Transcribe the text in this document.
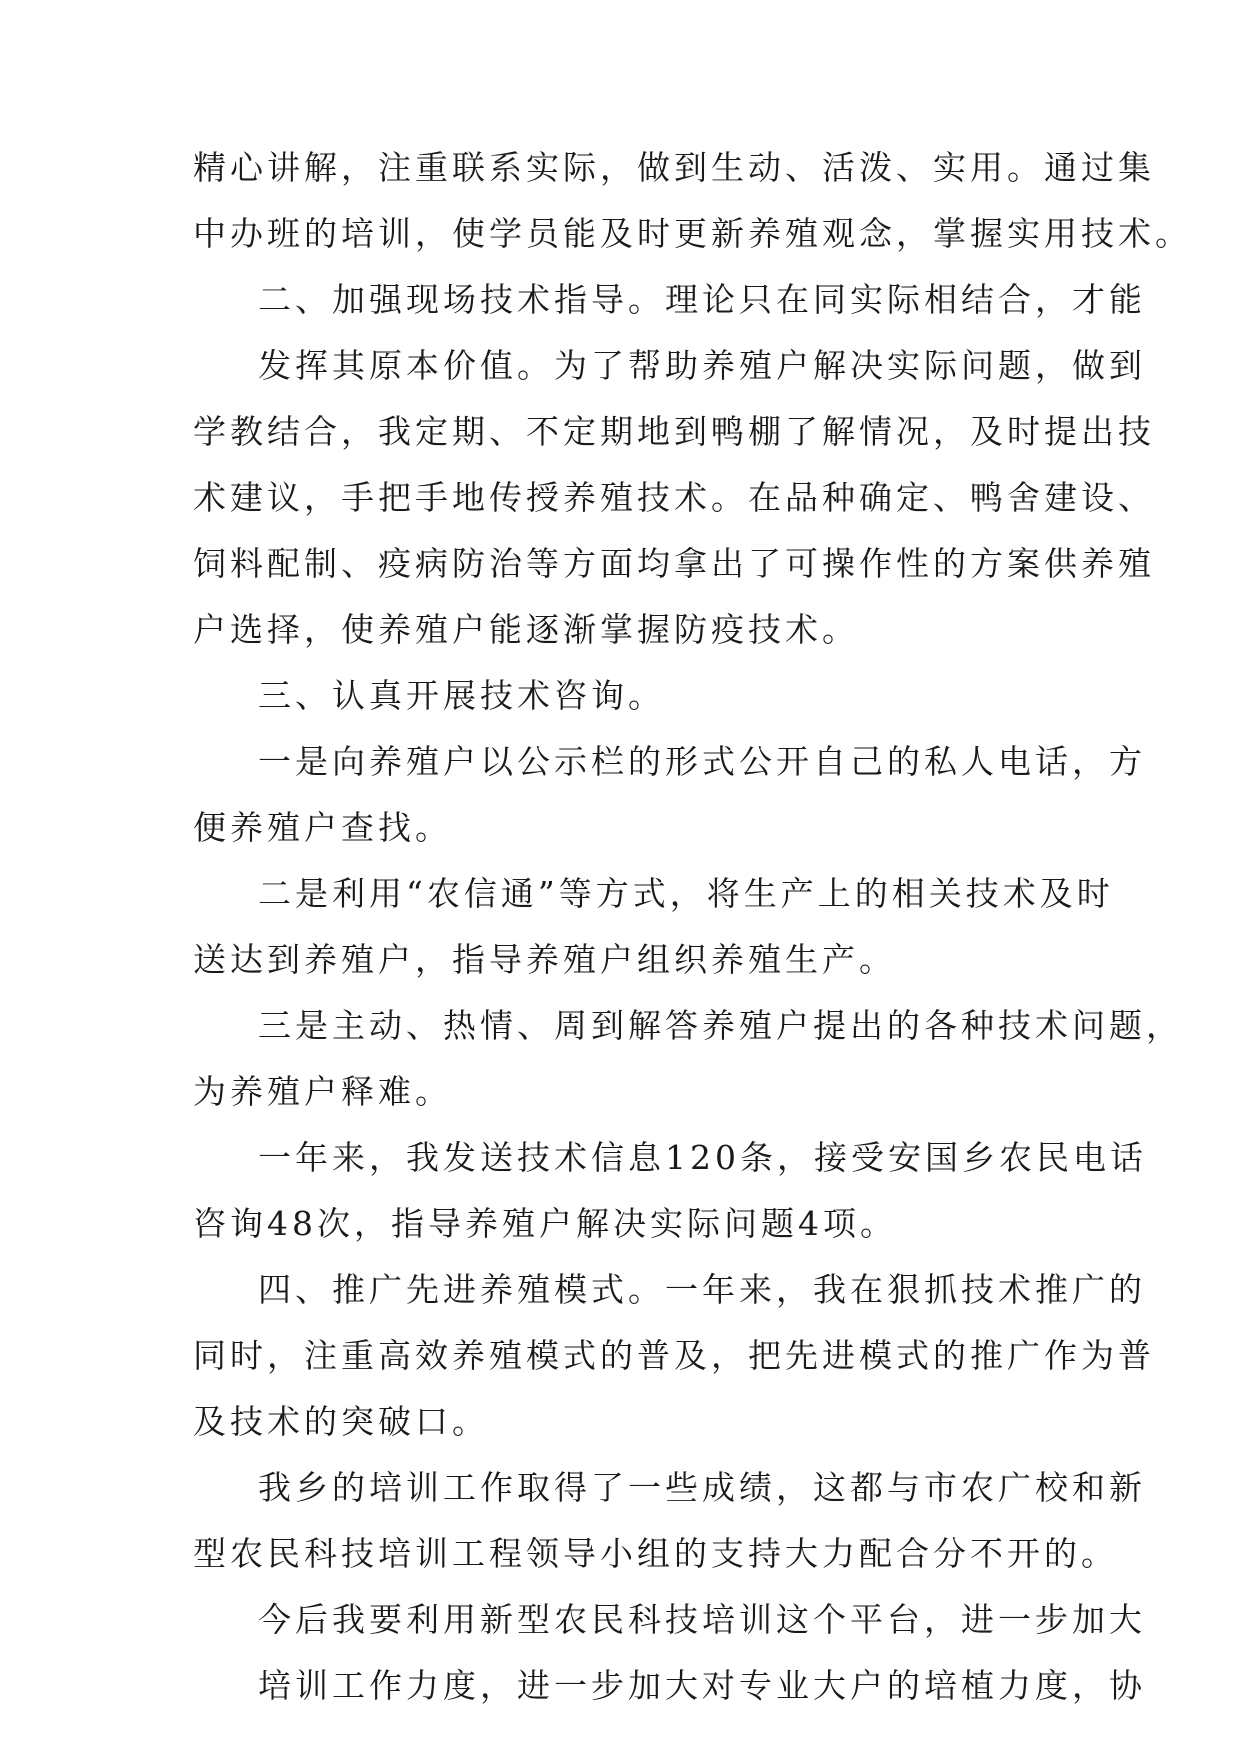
精心讲解，注重联系实际，做到生动、活泼、实用。通过集
中办班的培训，使学员能及时更新养殖观念，掌握实用技术。
二、加强现场技术指导。理论只在同实际相结合，才能
发挥其原本价值。为了帮助养殖户解决实际问题，做到
学教结合，我定期、不定期地到鸭棚了解情况，及时提出技
术建议，手把手地传授养殖技术。在品种确定、鸭舍建设、
饲料配制、疫病防治等方面均拿出了可操作性的方案供养殖
户选择，使养殖户能逐渐掌握防疫技术。
三、认真开展技术咨询。
一是向养殖户以公示栏的形式公开自己的私人电话，方
便养殖户查找。
二是利用“农信通”等方式，将生产上的相关技术及时
送达到养殖户，指导养殖户组织养殖生产。
三是主动、热情、周到解答养殖户提出的各种技术问题，
为养殖户释难。
一年来，我发送技术信息120条，接受安国乡农民电话
咨询48次，指导养殖户解决实际问题4项。
四、推广先进养殖模式。一年来，我在狠抓技术推广的
同时，注重高效养殖模式的普及，把先进模式的推广作为普
及技术的突破口。
我乡的培训工作取得了一些成绩，这都与市农广校和新
型农民科技培训工程领导小组的支持大力配合分不开的。
今后我要利用新型农民科技培训这个平台，进一步加大
培训工作力度，进一步加大对专业大户的培植力度，协
